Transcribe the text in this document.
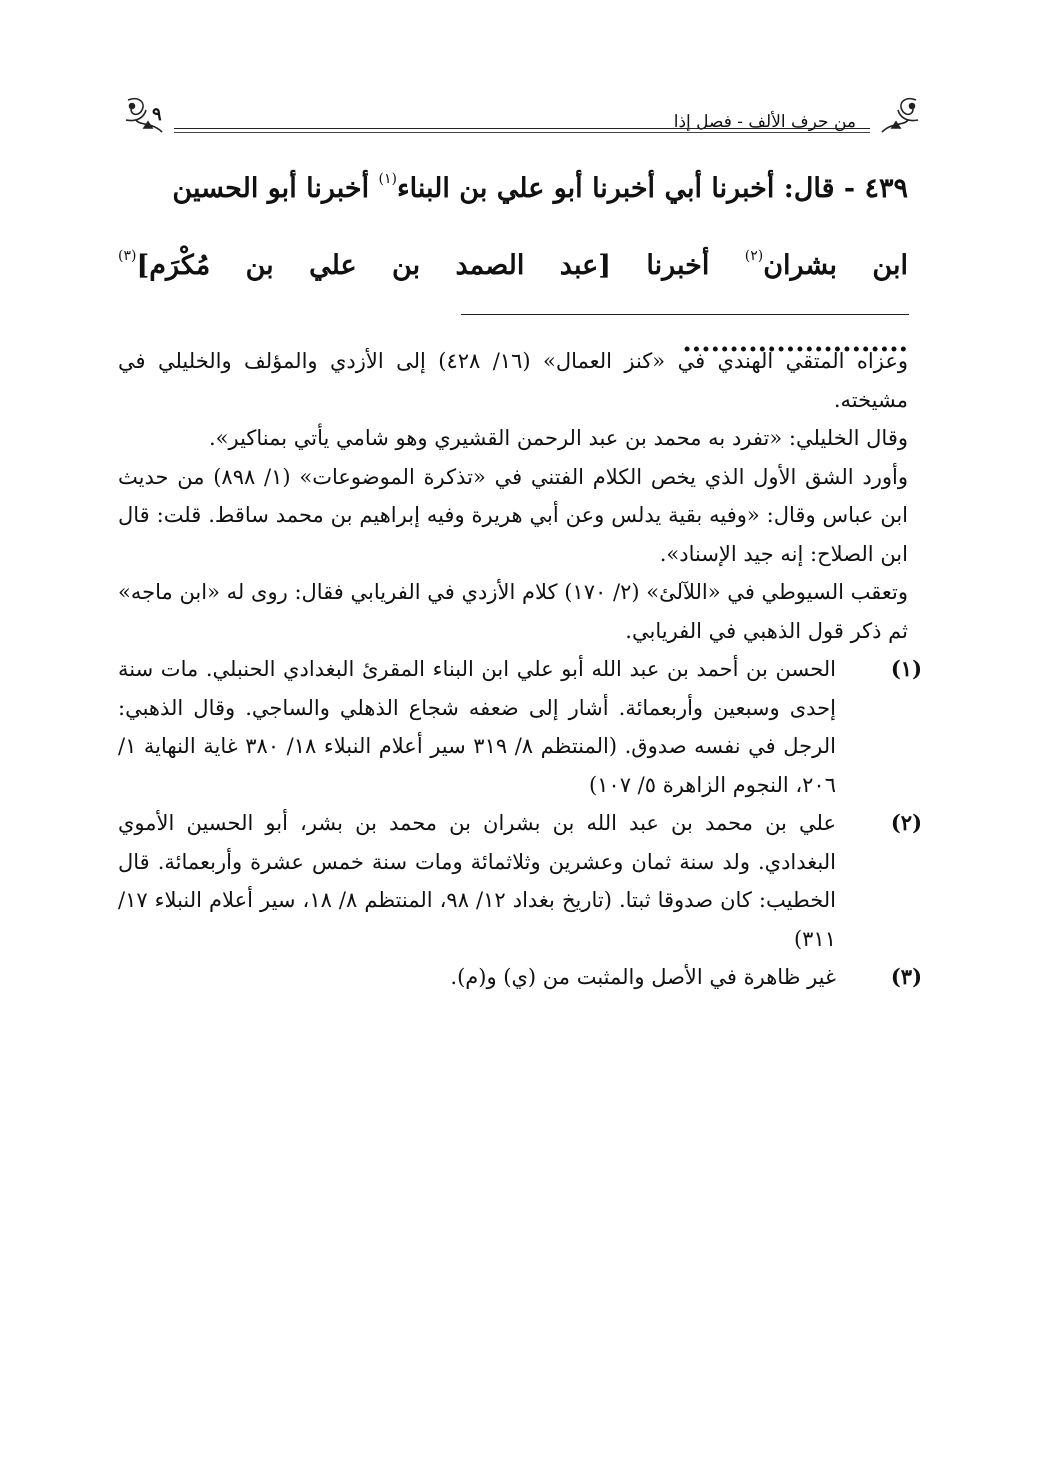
من حرف الألف - فصل إذا
٩

٤٣٩ - قال: أخبرنا أبي أخبرنا أبو علي بن البناء$^{(١)}$ أخبرنا أبو الحسين

ابن بشران$^{(٢)}$ أخبرنا [عبد الصمد بن علي بن مُكْرَم]$^{(٣)}$ ........................

وعزاه المتقي الهندي في «كنز العمال» (١٦/ ٤٢٨) إلى الأزدي والمؤلف والخليلي في مشيخته.

وقال الخليلي: «تفرد به محمد بن عبد الرحمن القشيري وهو شامي يأتي بمناكير».

وأورد الشق الأول الذي يخص الكلام الفتني في «تذكرة الموضوعات» (١/ ٨٩٨) من حديث ابن عباس وقال: «وفيه بقية يدلس وعن أبي هريرة وفيه إبراهيم بن محمد ساقط. قلت: قال ابن الصلاح: إنه جيد الإسناد».

وتعقب السيوطي في «اللآلئ» (٢/ ١٧٠) كلام الأزدي في الفريابي فقال: روى له «ابن ماجه» ثم ذكر قول الذهبي في الفريابي.

(١)
الحسن بن أحمد بن عبد الله أبو علي ابن البناء المقرئ البغدادي الحنبلي. مات سنة إحدى وسبعين وأربعمائة. أشار إلى ضعفه شجاع الذهلي والساجي. وقال الذهبي: الرجل في نفسه صدوق. (المنتظم ٨/ ٣١٩ سير أعلام النبلاء ١٨/ ٣٨٠ غاية النهاية ١/ ٢٠٦، النجوم الزاهرة ٥/ ١٠٧)

(٢)
علي بن محمد بن عبد الله بن بشران بن محمد بن بشر، أبو الحسين الأموي البغدادي. ولد سنة ثمان وعشرين وثلاثمائة ومات سنة خمس عشرة وأربعمائة. قال الخطيب: كان صدوقا ثبتا. (تاريخ بغداد ١٢/ ٩٨، المنتظم ٨/ ١٨، سير أعلام النبلاء ١٧/ ٣١١)

(٣)
غير ظاهرة في الأصل والمثبت من (ي) و(م).
